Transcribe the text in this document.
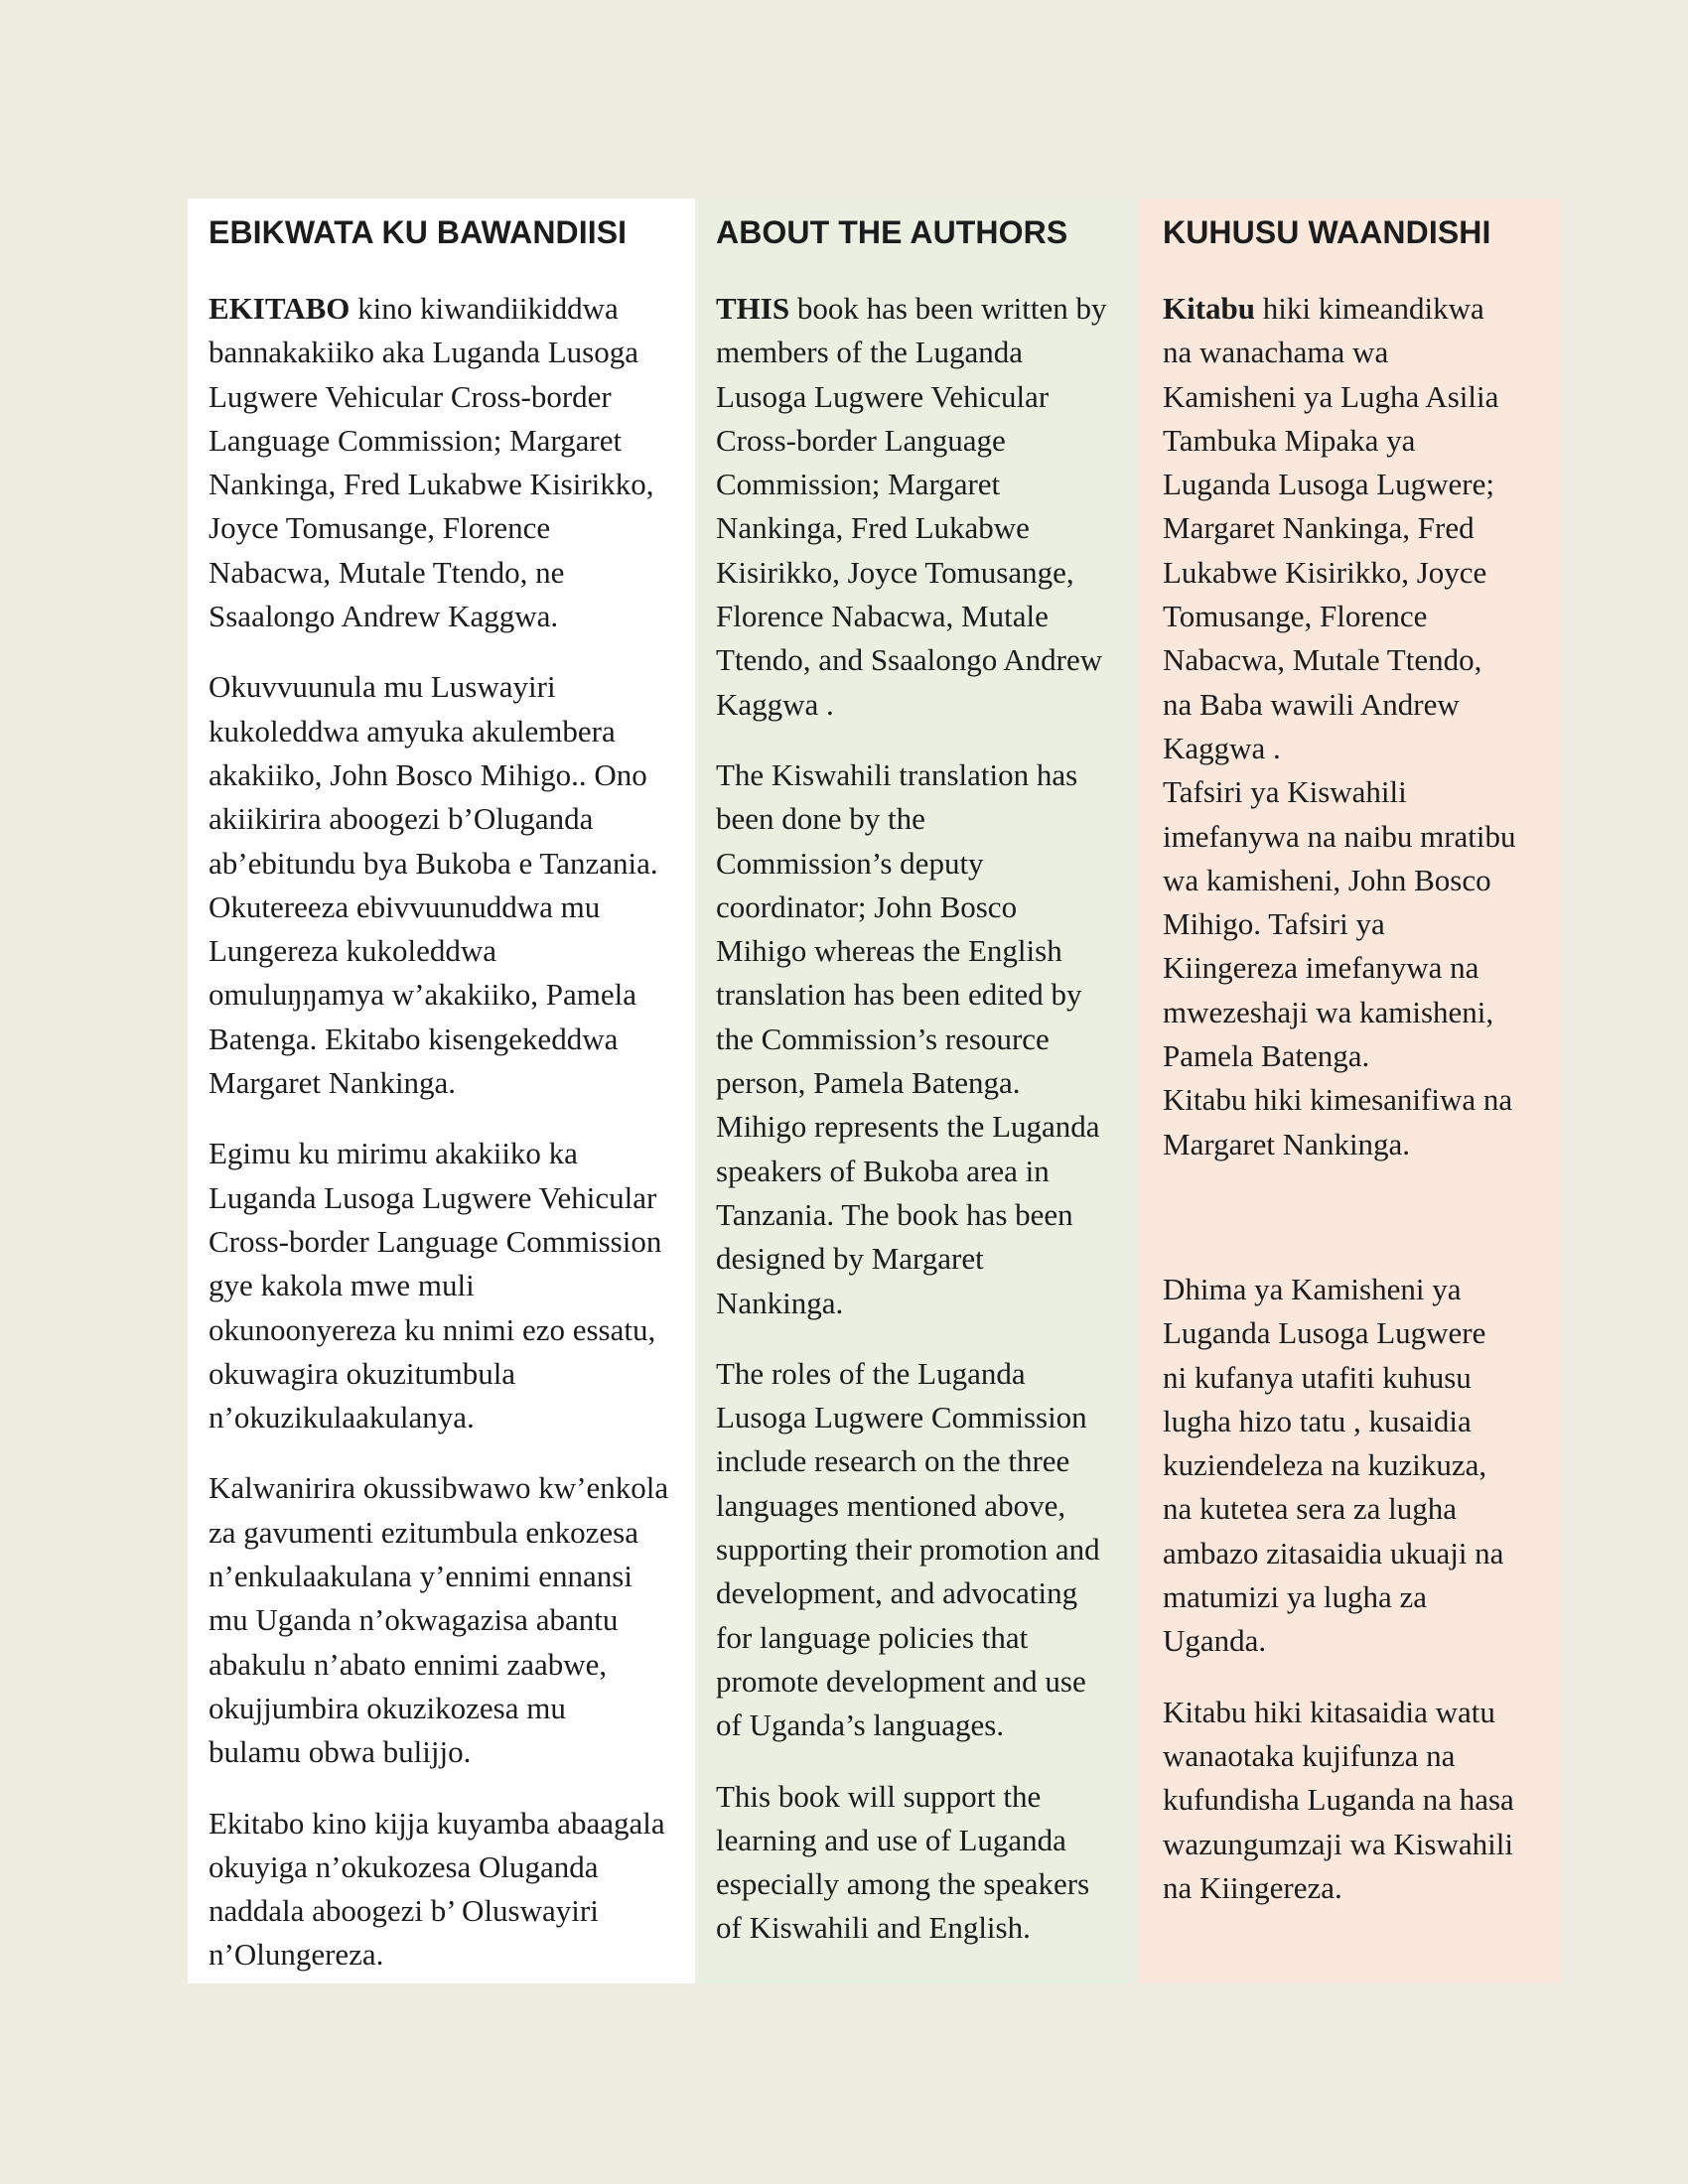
EBIKWATA KU BAWANDIISI

EKITABO kino kiwandiikiddwa
bannakakiiko aka Luganda Lusoga
Lugwere Vehicular Cross-border
Language Commission; Margaret
Nankinga, Fred Lukabwe Kisirikko,
Joyce Tomusange, Florence
Nabacwa, Mutale Ttendo, ne
Ssaalongo Andrew Kaggwa.

Okuvvuunula mu Luswayiri
kukoleddwa amyuka akulembera
akakiiko, John Bosco Mihigo.. Ono
akiikirira aboogezi b’Oluganda
ab’ebitundu bya Bukoba e Tanzania.
Okutereeza ebivvuunuddwa mu
Lungereza kukoleddwa
omuluŋŋamya w’akakiiko, Pamela
Batenga. Ekitabo kisengekeddwa
Margaret Nankinga.

Egimu ku mirimu akakiiko ka
Luganda Lusoga Lugwere Vehicular
Cross-border Language Commission
gye kakola mwe muli
okunoonyereza ku nnimi ezo essatu,
okuwagira okuzitumbula
n’okuzikulaakulanya.

Kalwanirira okussibwawo kw’enkola
za gavumenti ezitumbula enkozesa
n’enkulaakulana y’ennimi ennansi
mu Uganda n’okwagazisa abantu
abakulu n’abato ennimi zaabwe,
okujjumbira okuzikozesa mu
bulamu obwa bulijjo.

Ekitabo kino kijja kuyamba abaagala
okuyiga n’okukozesa Oluganda
naddala aboogezi b’ Oluswayiri
n’Olungereza.

ABOUT THE AUTHORS

THIS book has been written by
members of the Luganda
Lusoga Lugwere Vehicular
Cross-border Language
Commission; Margaret
Nankinga, Fred Lukabwe
Kisirikko, Joyce Tomusange,
Florence Nabacwa, Mutale
Ttendo, and Ssaalongo Andrew
Kaggwa .

The Kiswahili translation has
been done by the
Commission’s deputy
coordinator; John Bosco
Mihigo whereas the English
translation has been edited by
the Commission’s resource
person, Pamela Batenga.
Mihigo represents the Luganda
speakers of Bukoba area in
Tanzania. The book has been
designed by Margaret
Nankinga.

The roles of the Luganda
Lusoga Lugwere Commission
include research on the three
languages mentioned above,
supporting their promotion and
development, and advocating
for language policies that
promote development and use
of Uganda’s languages.

This book will support the
learning and use of Luganda
especially among the speakers
of Kiswahili and English.

KUHUSU WAANDISHI

Kitabu hiki kimeandikwa
na wanachama wa
Kamisheni ya Lugha Asilia
Tambuka Mipaka ya
Luganda Lusoga Lugwere;
Margaret Nankinga, Fred
Lukabwe Kisirikko, Joyce
Tomusange, Florence
Nabacwa, Mutale Ttendo,
na Baba wawili Andrew
Kaggwa .
Tafsiri ya Kiswahili
imefanywa na naibu mratibu
wa kamisheni, John Bosco
Mihigo. Tafsiri ya
Kiingereza imefanywa na
mwezeshaji wa kamisheni,
Pamela Batenga.
Kitabu hiki kimesanifiwa na
Margaret Nankinga.

Dhima ya Kamisheni ya
Luganda Lusoga Lugwere
ni kufanya utafiti kuhusu
lugha hizo tatu , kusaidia
kuziendeleza na kuzikuza,
na kutetea sera za lugha
ambazo zitasaidia ukuaji na
matumizi ya lugha za
Uganda.

Kitabu hiki kitasaidia watu
wanaotaka kujifunza na
kufundisha Luganda na hasa
wazungumzaji wa Kiswahili
na Kiingereza.
